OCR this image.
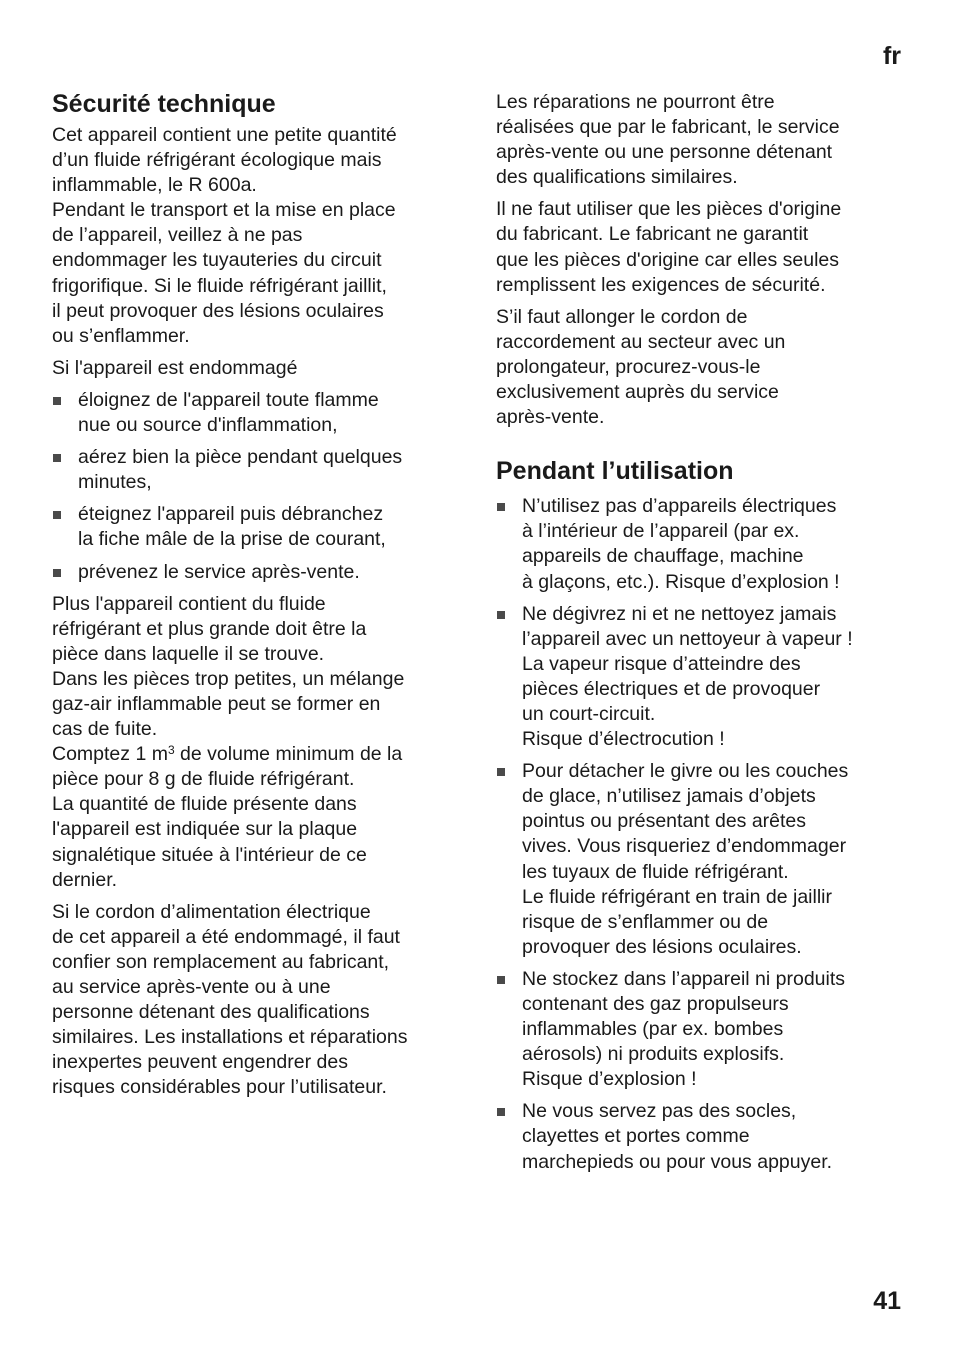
fr
Sécurité technique

Cet appareil contient une petite quantité
d’un fluide réfrigérant écologique mais
inflammable, le R 600a.
Pendant le transport et la mise en place
de l’appareil, veillez à ne pas
endommager les tuyauteries du circuit
frigorifique. Si le fluide réfrigérant jaillit,
il peut provoquer des lésions oculaires
ou s’enflammer.

Si l'appareil est endommagé

éloignez de l'appareil toute flamme
nue ou source d'inflammation,
aérez bien la pièce pendant quelques
minutes,
éteignez l'appareil puis débranchez
la fiche mâle de la prise de courant,
prévenez le service après-vente.

Plus l'appareil contient du fluide
réfrigérant et plus grande doit être la
pièce dans laquelle il se trouve.
Dans les pièces trop petites, un mélange
gaz-air inflammable peut se former en
cas de fuite.
Comptez 1 $m^3$ de volume minimum de la
pièce pour 8 g de fluide réfrigérant.
La quantité de fluide présente dans
l'appareil est indiquée sur la plaque
signalétique située à l'intérieur de ce
dernier.

Si le cordon d’alimentation électrique
de cet appareil a été endommagé, il faut
confier son remplacement au fabricant,
au service après-vente ou à une
personne détenant des qualifications
similaires. Les installations et réparations
inexpertes peuvent engendrer des
risques considérables pour l’utilisateur.

Les réparations ne pourront être
réalisées que par le fabricant, le service
après-vente ou une personne détenant
des qualifications similaires.

Il ne faut utiliser que les pièces d'origine
du fabricant. Le fabricant ne garantit
que les pièces d'origine car elles seules
remplissent les exigences de sécurité.

S’il faut allonger le cordon de
raccordement au secteur avec un
prolongateur, procurez-vous-le
exclusivement auprès du service
après-vente.

Pendant l’utilisation
N’utilisez pas d’appareils électriques
à l’intérieur de l’appareil (par ex.
appareils de chauffage, machine
à glaçons, etc.). Risque d’explosion !
Ne dégivrez ni et ne nettoyez jamais
l’appareil avec un nettoyeur à vapeur !
La vapeur risque d’atteindre des
pièces électriques et de provoquer
un court-circuit.
Risque d’électrocution !
Pour détacher le givre ou les couches
de glace, n’utilisez jamais d’objets
pointus ou présentant des arêtes
vives. Vous risqueriez d’endommager
les tuyaux de fluide réfrigérant.
Le fluide réfrigérant en train de jaillir
risque de s’enflammer ou de
provoquer des lésions oculaires.
Ne stockez dans l’appareil ni produits
contenant des gaz propulseurs
inflammables (par ex. bombes
aérosols) ni produits explosifs.
Risque d’explosion !
Ne vous servez pas des socles,
clayettes et portes comme
marchepieds ou pour vous appuyer.
41
